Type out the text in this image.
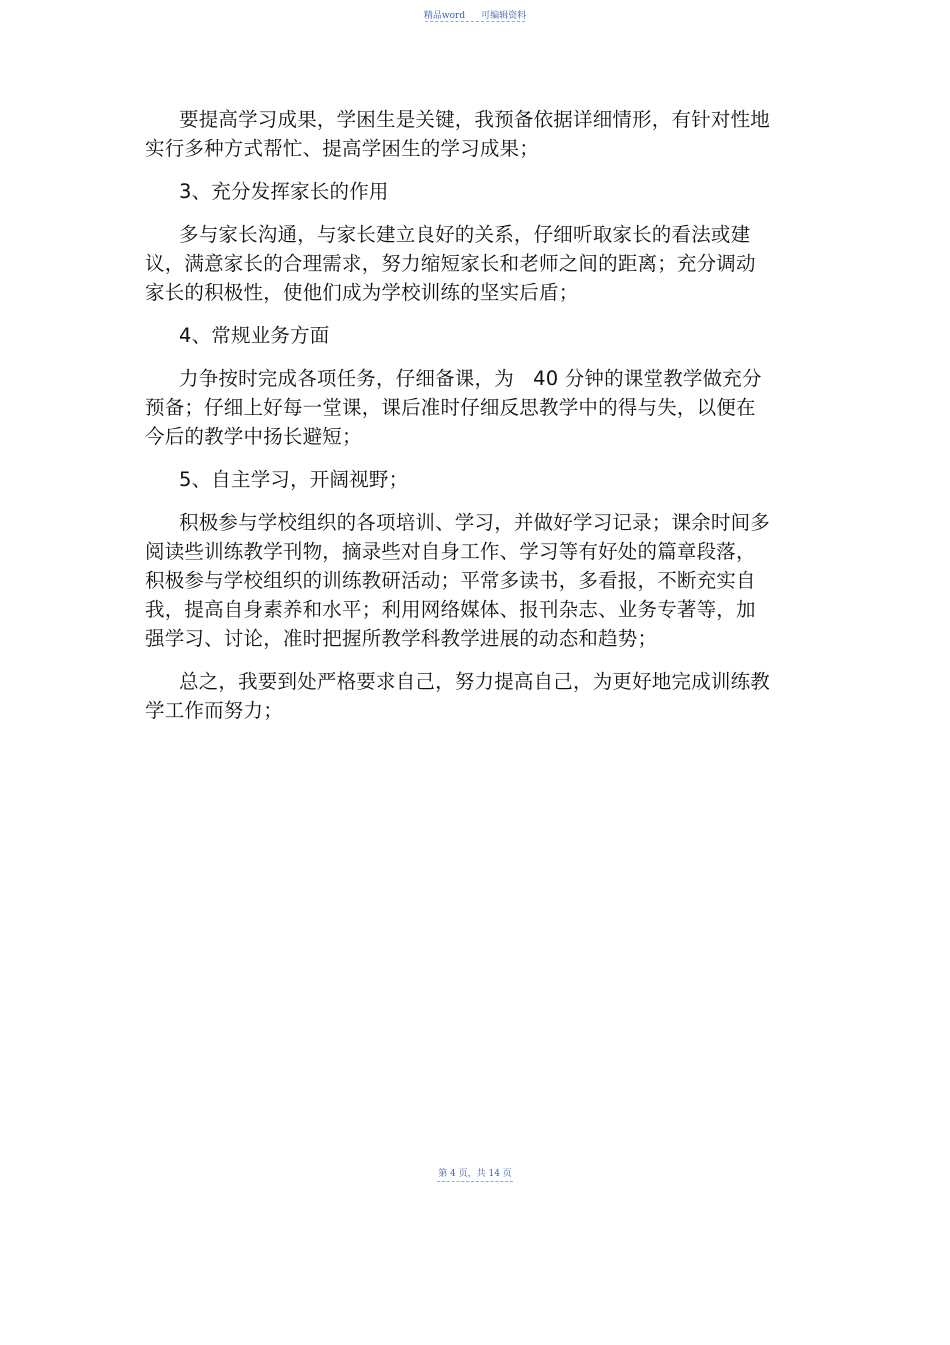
精品word 可编辑资料

要提高学习成果，学困生是关键，我预备依据详细情形，有针对性地实行多种方式帮忙、提高学困生的学习成果；

3、充分发挥家长的作用

多与家长沟通，与家长建立良好的关系，仔细听取家长的看法或建议，满意家长的合理需求，努力缩短家长和老师之间的距离；充分调动家长的积极性，使他们成为学校训练的坚实后盾；

4、常规业务方面

力争按时完成各项任务，仔细备课，为   40 分钟的课堂教学做充分预备；仔细上好每一堂课，课后准时仔细反思教学中的得与失，以便在今后的教学中扬长避短；

5、自主学习，开阔视野；

积极参与学校组织的各项培训、学习，并做好学习记录；课余时间多阅读些训练教学刊物，摘录些对自身工作、学习等有好处的篇章段落，积极参与学校组织的训练教研活动；平常多读书，多看报，不断充实自我，提高自身素养和水平；利用网络媒体、报刊杂志、业务专著等，加强学习、讨论，准时把握所教学科教学进展的动态和趋势；

总之，我要到处严格要求自己，努力提高自己，为更好地完成训练教学工作而努力；

第 4 页，共 14 页
